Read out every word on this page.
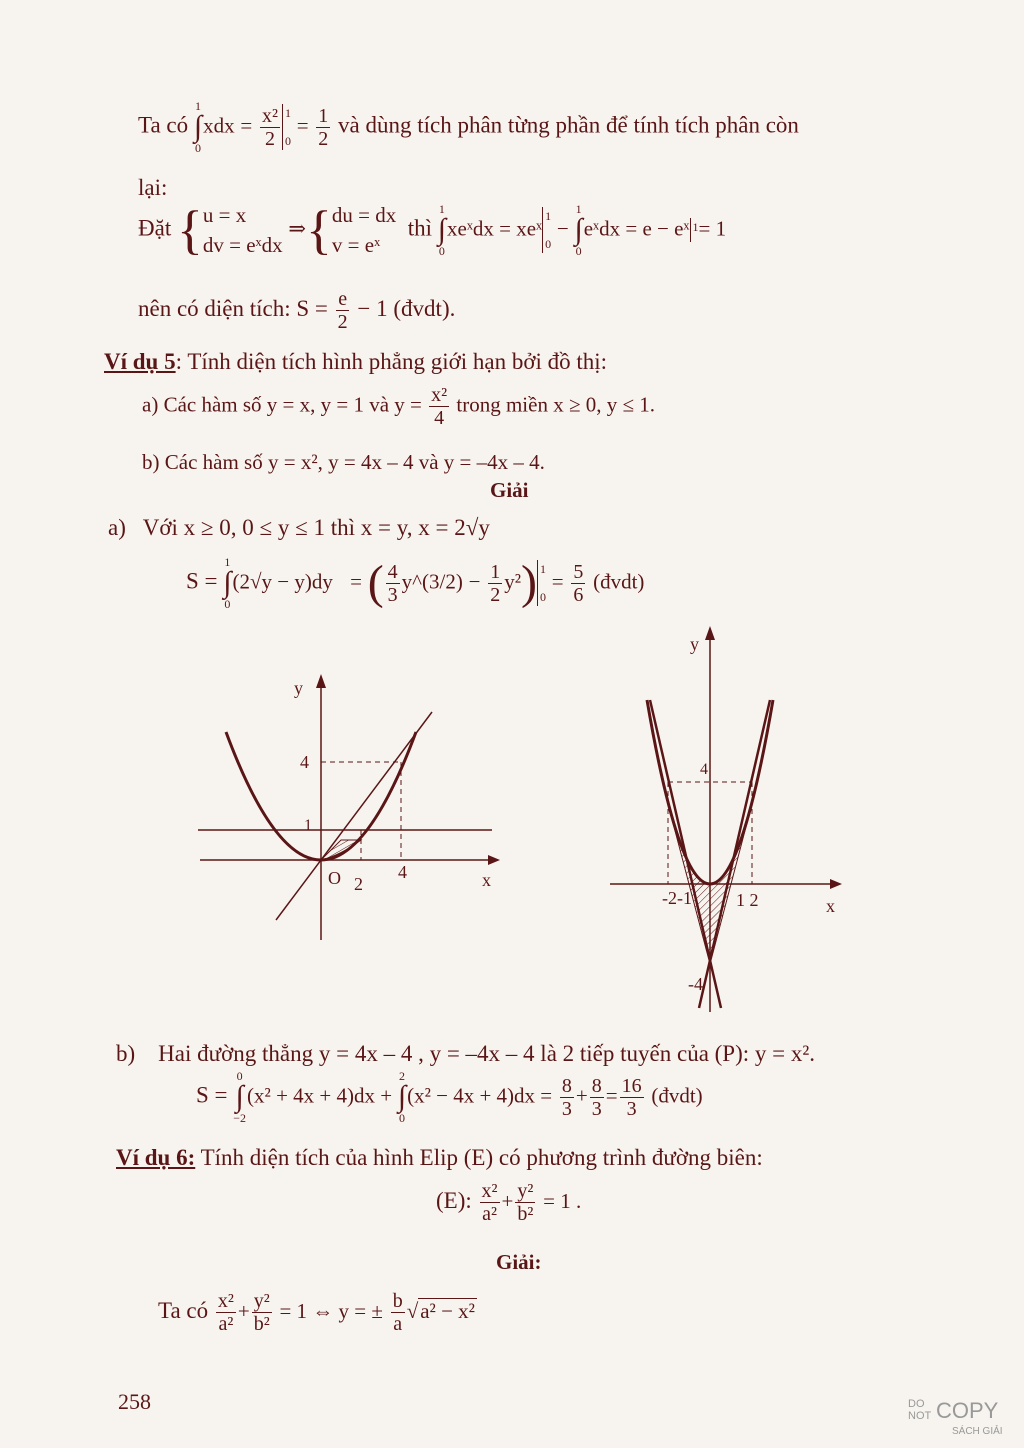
Ta có
1
∫
0
xdx = $\frac{\text{x²}}{2} 1$
0
= $\frac{1}{2}$ và dùng tích phân từng phần để tính tích phân còn
lại:
Đặt { u = x
dv = eˣdx
⇒{ du = dx
v = eˣ
thì
1
∫
0
xeˣdx = xeˣ
1
0
−
1
∫
0
eˣdx = e − eˣ 1 = 1
nên có diện tích: $S = \frac{e}{2} - 1$ (đvdt).
Ví dụ 5: Tính diện tích hình phẳng giới hạn bởi đồ thị:
a) Các hàm số y = x, y = 1 và $y = \frac{\text{x²}}{4}$ trong miền x ≥ 0, y ≤ 1.
b) Các hàm số y = x², y = 4x – 4 và y = –4x – 4.
Giải
a) Với x ≥ 0, 0 ≤ y ≤ 1 thì x = y, x = 2√y
S =
1
∫
0
(2√y − y)dy = ( $\frac{4}{3}$ y^(3/2) − $\frac{1}{2} y^2$) 1
0
= $\frac{5}{6}$ (đvdt)
y
x
O 2
4
1
4
y
x
4
-4
-2-1 1 2
b) Hai đường thẳng y = 4x – 4 , y = –4x – 4 là 2 tiếp tuyến của (P): y = x².
S =
0
∫
−2
(x² + 4x + 4)dx +
2
∫
0
$(x^2 - 4x + 4)dx = \frac{8}{3} + \frac{8}{3} = \frac{16}{3}$ (đvdt)
Ví dụ 6: Tính diện tích của hình Elip (E) có phương trình đường biên:
(E): $\frac{\text{x²}}{\text{a²}} + \frac{\text{y²}}{\text{b²}} = 1$ .
Giải:
Ta có $\frac{\text{x²}}{\text{a²}} + \frac{\text{y²}}{\text{b²}} = 1$ ⇔ y = ± $\frac{b}{a} √a^2 - x^2$
258	DO
NOT COPY
SÁCH GIẢI
